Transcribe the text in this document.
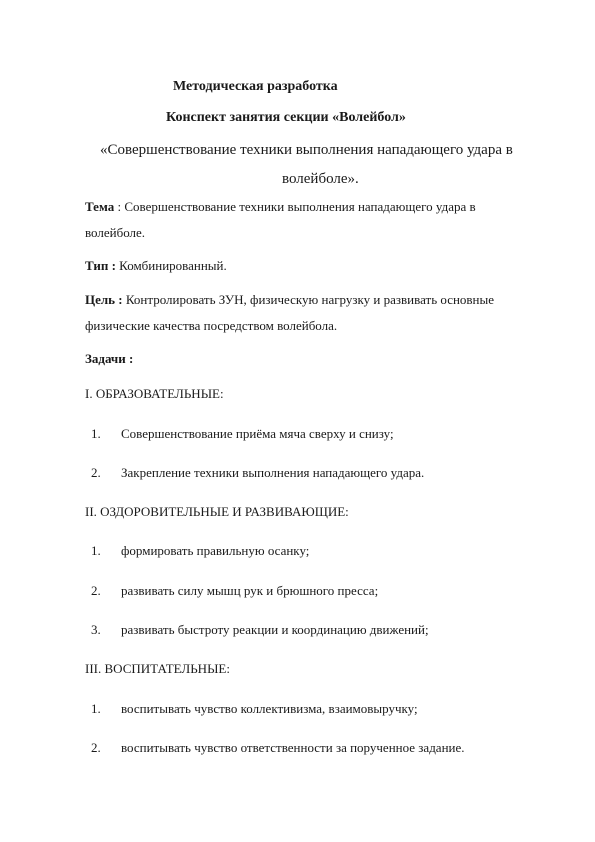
Методическая разработка
Конспект занятия секции «Волейбол»
«Совершенствование техники выполнения нападающего удара в
волейболе».
Тема : Совершенствование техники выполнения нападающего удара в
волейболе.
Тип : Комбинированный.
Цель : Контролировать ЗУН, физическую нагрузку и развивать основные
физические качества посредством волейбола.
Задачи :
I. ОБРАЗОВАТЕЛЬНЫЕ:
1. Совершенствование приёма мяча сверху и снизу;
2. Закрепление техники выполнения нападающего удара.
II. ОЗДОРОВИТЕЛЬНЫЕ И РАЗВИВАЮЩИЕ:
1. формировать правильную осанку;
2. развивать силу мышц рук и брюшного пресса;
3. развивать быстроту реакции и координацию движений;
III. ВОСПИТАТЕЛЬНЫЕ:
1. воспитывать чувство коллективизма, взаимовыручку;
2. воспитывать чувство ответственности за порученное задание.
